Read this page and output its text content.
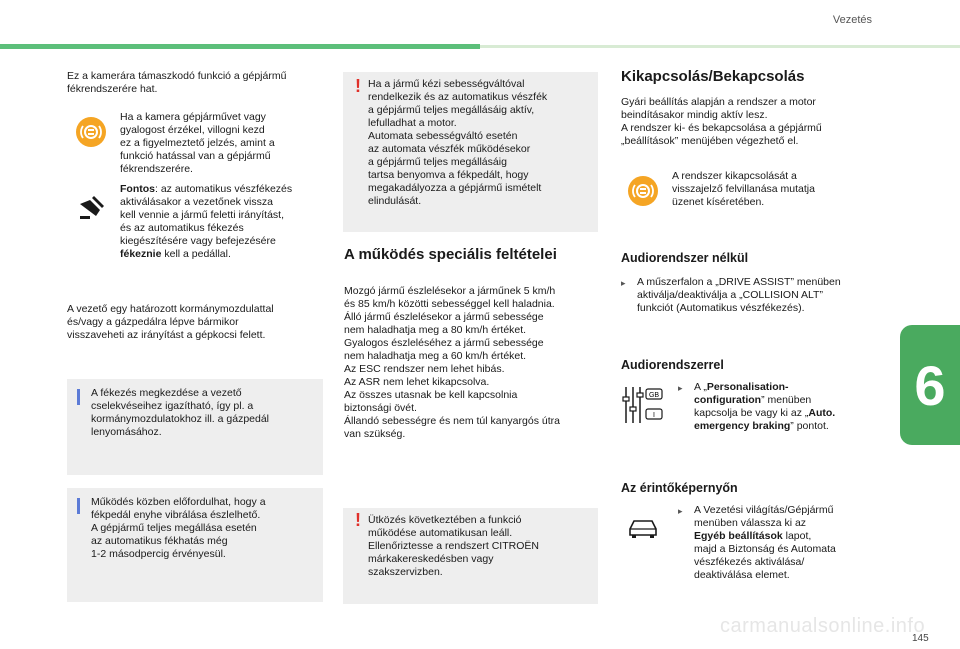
Vezetés
Ez a kamerára támaszkodó funkció a gépjármű
fékrendszerére hat.
Ha a kamera gépjárművet vagy
gyalogost érzékel, villogni kezd
ez a figyelmeztető jelzés, amint a
funkció hatással van a gépjármű
fékrendszerére.
Fontos: az automatikus vészfékezés
aktiválásakor a vezetőnek vissza
kell vennie a jármű feletti irányítást,
és az automatikus fékezés
kiegészítésére vagy befejezésére
fékeznie kell a pedállal.
A vezető egy határozott kormánymozdulattal
és/vagy a gázpedálra lépve bármikor
visszaveheti az irányítást a gépkocsi felett.
A fékezés megkezdése a vezető
cselekvéseihez igazítható, így pl. a
kormánymozdulatokhoz ill. a gázpedál
lenyomásához.
Működés közben előfordulhat, hogy a
fékpedál enyhe vibrálása észlelhető.
A gépjármű teljes megállása esetén
az automatikus fékhatás még
1-2 másodpercig érvényesül.
! Ha a jármű kézi sebességváltóval
rendelkezik és az automatikus vészfék
a gépjármű teljes megállásáig aktív,
lefulladhat a motor.
Automata sebességváltó esetén
az automata vészfék működésekor
a gépjármű teljes megállásáig
tartsa benyomva a fékpedált, hogy
megakadályozza a gépjármű ismételt
elindulását.
A működés speciális feltételei
Mozgó jármű észlelésekor a járműnek 5 km/h
és 85 km/h közötti sebességgel kell haladnia.
Álló jármű észlelésekor a jármű sebessége
nem haladhatja meg a 80 km/h értéket.
Gyalogos észleléséhez a jármű sebessége
nem haladhatja meg a 60 km/h értéket.
Az ESC rendszer nem lehet hibás.
Az ASR nem lehet kikapcsolva.
Az összes utasnak be kell kapcsolnia
biztonsági övét.
Állandó sebességre és nem túl kanyargós útra
van szükség.
! Ütközés következtében a funkció
működése automatikusan leáll.
Ellenőriztesse a rendszert CITROËN
márkakereskedésben vagy
szakszervizben.
Kikapcsolás/Bekapcsolás
Gyári beállítás alapján a rendszer a motor
beindításakor mindig aktív lesz.
A rendszer ki- és bekapcsolása a gépjármű
„beállítások” menüjében végezhető el.
A rendszer kikapcsolását a
visszajelző felvillanása mutatja
üzenet kíséretében.
Audiorendszer nélkül
▸ A műszerfalon a „DRIVE ASSIST” menüben
aktiválja/deaktiválja a „COLLISION ALT”
funkciót (Automatikus vészfékezés).
Audiorendszerrel
GB
I
▸ A „Personalisation-
configuration” menüben
kapcsolja be vagy ki az „Auto.
emergency braking” pontot.
Az érintőképernyőn
▸ A Vezetési világítás/Gépjármű
menüben válassza ki az
Egyéb beállítások lapot,
majd a Biztonság és Automata
vészfékezés aktiválása/
deaktiválása elemet.
6
carmanualsonline.info
145
